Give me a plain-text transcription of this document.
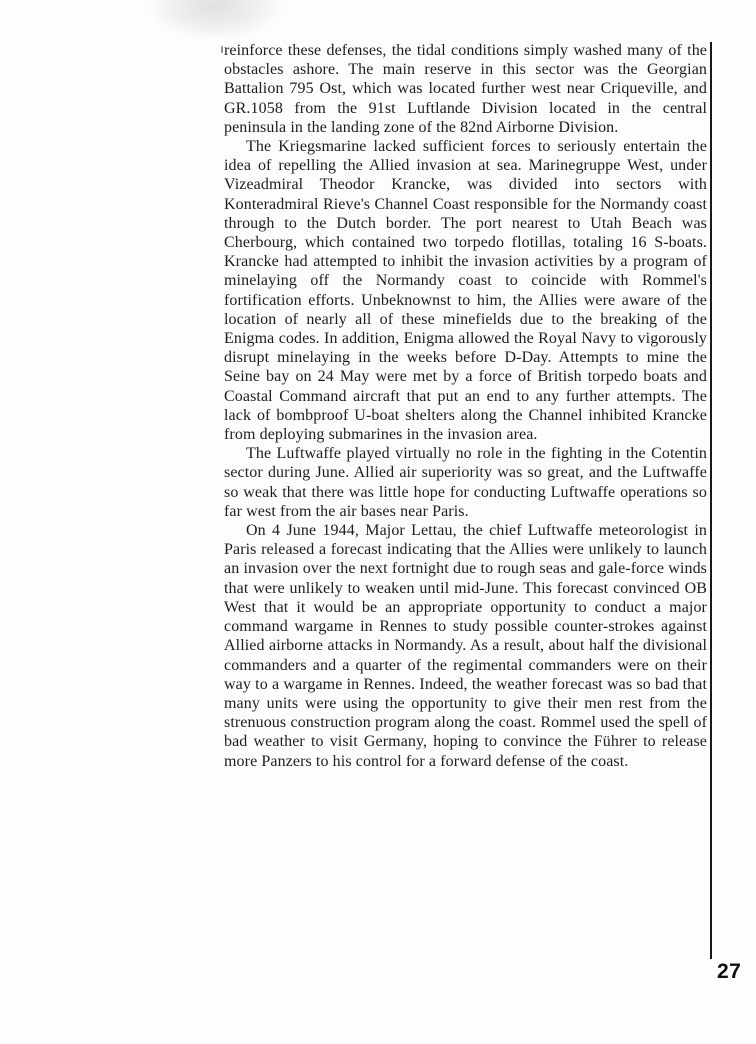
reinforce these defenses, the tidal conditions simply washed many of the obstacles ashore. The main reserve in this sector was the Georgian Battalion 795 Ost, which was located further west near Criqueville, and GR.1058 from the 91st Luftlande Division located in the central peninsula in the landing zone of the 82nd Airborne Division.

The Kriegsmarine lacked sufficient forces to seriously entertain the idea of repelling the Allied invasion at sea. Marinegruppe West, under Vizeadmiral Theodor Krancke, was divided into sectors with Konteradmiral Rieve's Channel Coast responsible for the Normandy coast through to the Dutch border. The port nearest to Utah Beach was Cherbourg, which contained two torpedo flotillas, totaling 16 S-boats. Krancke had attempted to inhibit the invasion activities by a program of minelaying off the Normandy coast to coincide with Rommel's fortification efforts. Unbeknownst to him, the Allies were aware of the location of nearly all of these minefields due to the breaking of the Enigma codes. In addition, Enigma allowed the Royal Navy to vigorously disrupt minelaying in the weeks before D-Day. Attempts to mine the Seine bay on 24 May were met by a force of British torpedo boats and Coastal Command aircraft that put an end to any further attempts. The lack of bombproof U-boat shelters along the Channel inhibited Krancke from deploying submarines in the invasion area.

The Luftwaffe played virtually no role in the fighting in the Cotentin sector during June. Allied air superiority was so great, and the Luftwaffe so weak that there was little hope for conducting Luftwaffe operations so far west from the air bases near Paris.

On 4 June 1944, Major Lettau, the chief Luftwaffe meteorologist in Paris released a forecast indicating that the Allies were unlikely to launch an invasion over the next fortnight due to rough seas and gale-force winds that were unlikely to weaken until mid-June. This forecast convinced OB West that it would be an appropriate opportunity to conduct a major command wargame in Rennes to study possible counter-strokes against Allied airborne attacks in Normandy. As a result, about half the divisional commanders and a quarter of the regimental commanders were on their way to a wargame in Rennes. Indeed, the weather forecast was so bad that many units were using the opportunity to give their men rest from the strenuous construction program along the coast. Rommel used the spell of bad weather to visit Germany, hoping to convince the Führer to release more Panzers to his control for a forward defense of the coast.

27
